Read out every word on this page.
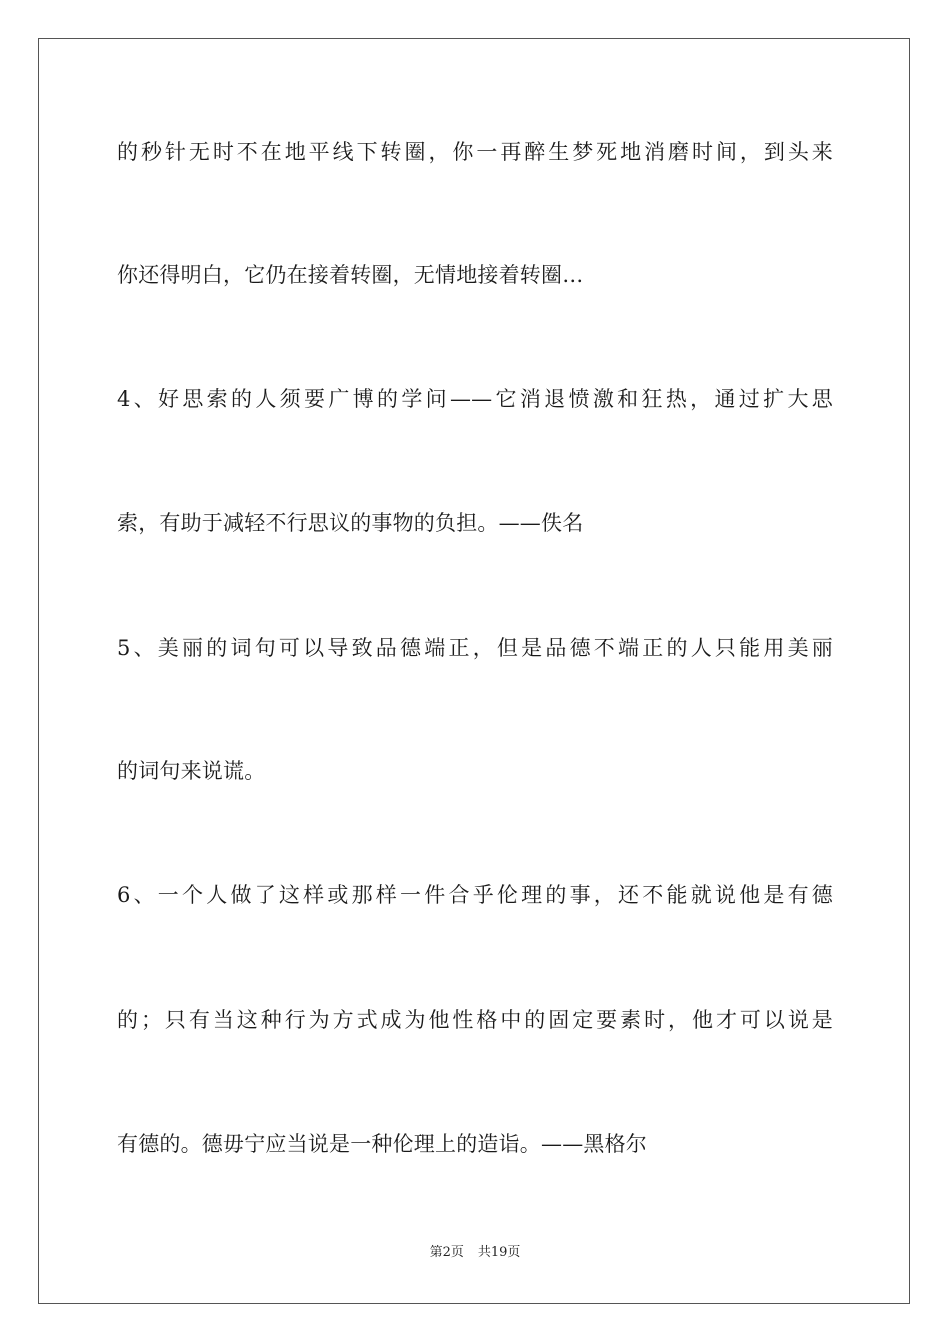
的秒针无时不在地平线下转圈，你一再醉生梦死地消磨时间，到头来
你还得明白，它仍在接着转圈，无情地接着转圈…
4、好思索的人须要广博的学问——它消退愤激和狂热，通过扩大思
索，有助于减轻不行思议的事物的负担。——佚名
5、美丽的词句可以导致品德端正，但是品德不端正的人只能用美丽
的词句来说谎。
6、一个人做了这样或那样一件合乎伦理的事，还不能就说他是有德
的；只有当这种行为方式成为他性格中的固定要素时，他才可以说是
有德的。德毋宁应当说是一种伦理上的造诣。——黑格尔
第2页 共19页
